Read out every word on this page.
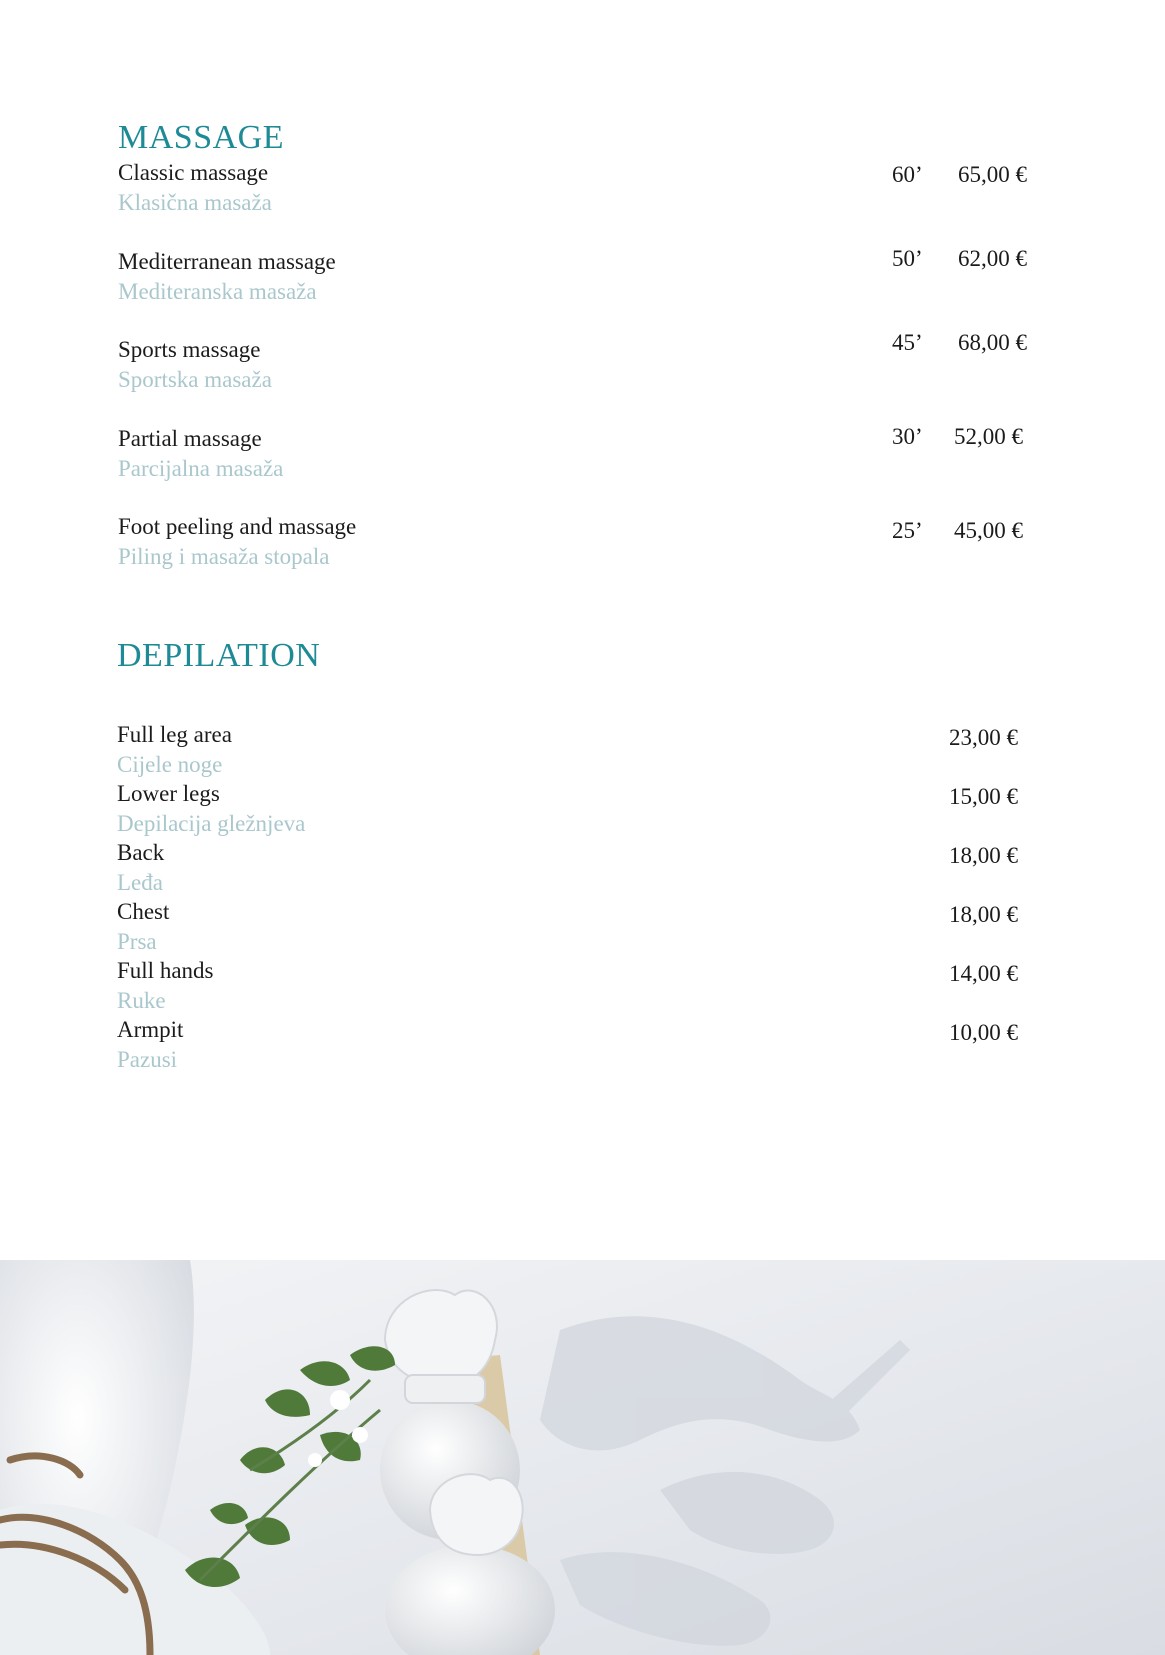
MASSAGE
Classic massage
Klasična masaža
60’ 65,00 €
Mediterranean massage
Mediteranska masaža
50’ 62,00 €
Sports massage
Sportska masaža
45’ 68,00 €
Partial massage
Parcijalna masaža
30’ 52,00 €
Foot peeling and massage
Piling i masaža stopala
25’ 45,00 €
DEPILATION
Full leg area
Cijele noge
23,00 €
Lower legs
Depilacija gležnjeva
15,00 €
Back
Leđa
18,00 €
Chest
Prsa
18,00 €
Full hands
Ruke
14,00 €
Armpit
Pazusi
10,00 €
